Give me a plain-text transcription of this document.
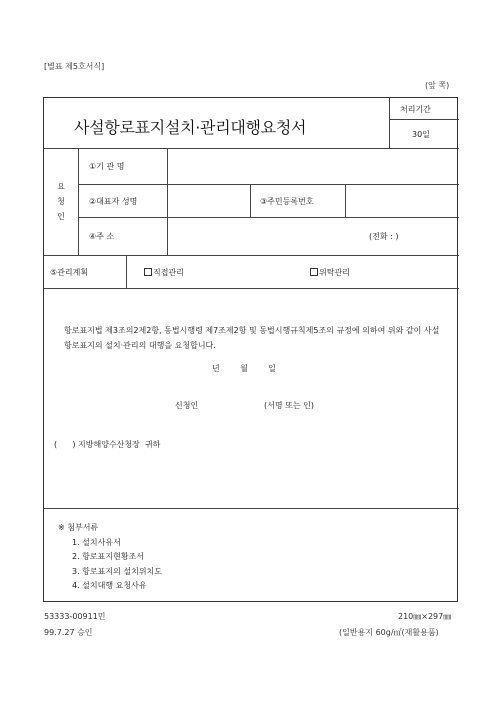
[별표 제5호서식]
(앞 쪽)
사설항로표지설치·관리대행요청서
처리기간
30일
요
청
인
①기 관 명
②대표자 성명	③주민등록번호
④주 소	(전화 : )
⑤관리계획	직접관리	위탁관리
항로표지법 제3조의2제2항, 동법시행령 제7조제2항 및 동법시행규칙제5조의 규정에 의하여 위와 같이 사설항로표지의 설치·관리의 대행을 요청합니다.
년        월        일
신청인	(서명 또는 인)
(      ) 지방해양수산청장  귀하
※ 첨부서류
1. 설치사유서
2. 항로표지현황조서
3. 항로표지의 설치위치도
4. 설치대행 요청사유
53333-00911민
99.7.27 승인
210㎜×297㎜
(일반용지 60g/㎡(재활용품)
